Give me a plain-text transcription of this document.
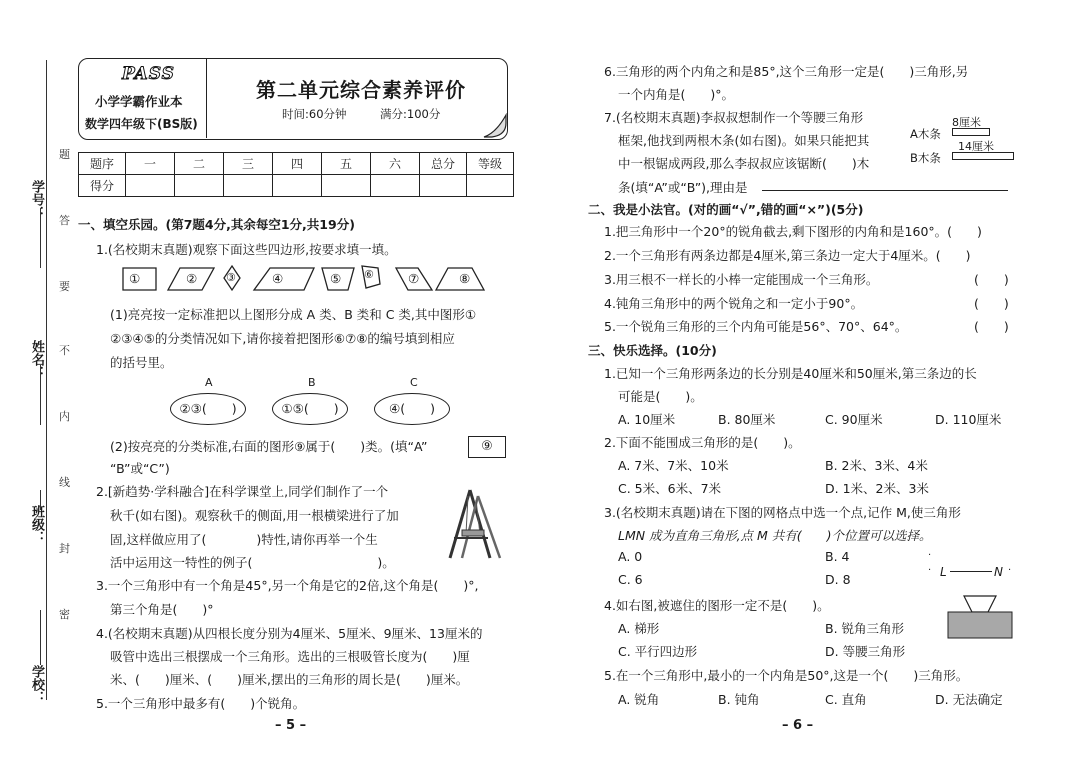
学号：
姓名：
班级：
学校：
题
答
要
不
内
线
封
密
PASS
小学学霸作业本
数学四年级下(BS版)
第二单元综合素养评价
时间:60分钟	满分:100分
题序	一	二	三	四	五	六	总分	等级
得分								
一、填空乐园。(第7题4分,其余每空1分,共19分)
1.(名校期末真题)观察下面这些四边形,按要求填一填。
①	②	③	④	⑤ ⑥	⑦	⑧
(1)亮亮按一定标准把以上图形分成 A 类、B 类和 C 类,其中图形①
②③④⑤的分类情况如下,请你接着把图形⑥⑦⑧的编号填到相应
的括号里。
A	B	C
②③(　　)	①⑤(　　)	④(　　)
(2)按亮亮的分类标准,右面的图形⑨属于(　　)类。(填“A”	⑨
“B”或“C”)
2.[新趋势·学科融合]在科学课堂上,同学们制作了一个
秋千(如右图)。观察秋千的侧面,用一根横梁进行了加
固,这样做应用了(　　　　)特性,请你再举一个生
活中运用这一特性的例子(　　　　　　　　　　)。
3.一个三角形中有一个角是45°,另一个角是它的2倍,这个角是(　　)°,
第三个角是(　　)°
4.(名校期末真题)从四根长度分别为4厘米、5厘米、9厘米、13厘米的
吸管中选出三根摆成一个三角形。选出的三根吸管长度为(　　)厘
米、(　　)厘米、(　　)厘米,摆出的三角形的周长是(　　)厘米。
5.一个三角形中最多有(　　)个锐角。
– 5 –
6.三角形的两个内角之和是85°,这个三角形一定是(　　)三角形,另
一个内角是(　　)°。
7.(名校期末真题)李叔叔想制作一个等腰三角形
框架,他找到两根木条(如右图)。如果只能把其
中一根锯成两段,那么李叔叔应该锯断(　　)木
条(填“A”或“B”),理由是
8厘米
A木条
14厘米
B木条
二、我是小法官。(对的画“√”,错的画“×”)(5分)
1.把三角形中一个20°的锐角截去,剩下图形的内角和是160°。(　　)
2.一个三角形有两条边都是4厘米,第三条边一定大于4厘米。(　　)
3.用三根不一样长的小棒一定能围成一个三角形。	(　　)
4.钝角三角形中的两个锐角之和一定小于90°。	(　　)
5.一个锐角三角形的三个内角可能是56°、70°、64°。	(　　)
三、快乐选择。(10分)
1.已知一个三角形两条边的长分别是40厘米和50厘米,第三条边的长
可能是(　　)。
A. 10厘米	B. 80厘米	C. 90厘米	D. 110厘米
2.下面不能围成三角形的是(　　)。
A. 7米、7米、10米	B. 2米、3米、4米
C. 5米、6米、7米	D. 1米、2米、3米
3.(名校期末真题)请在下图的网格点中选一个点,记作 M,使三角形
LMN 成为直角三角形,点 M 共有(　　)个位置可以选择。
A. 0	B. 4
C. 6	D. 8
·
· L	N ·
4.如右图,被遮住的图形一定不是(　　)。
A. 梯形	B. 锐角三角形
C. 平行四边形	D. 等腰三角形
5.在一个三角形中,最小的一个内角是50°,这是一个(　　)三角形。
A. 锐角	B. 钝角	C. 直角	D. 无法确定
– 6 –
